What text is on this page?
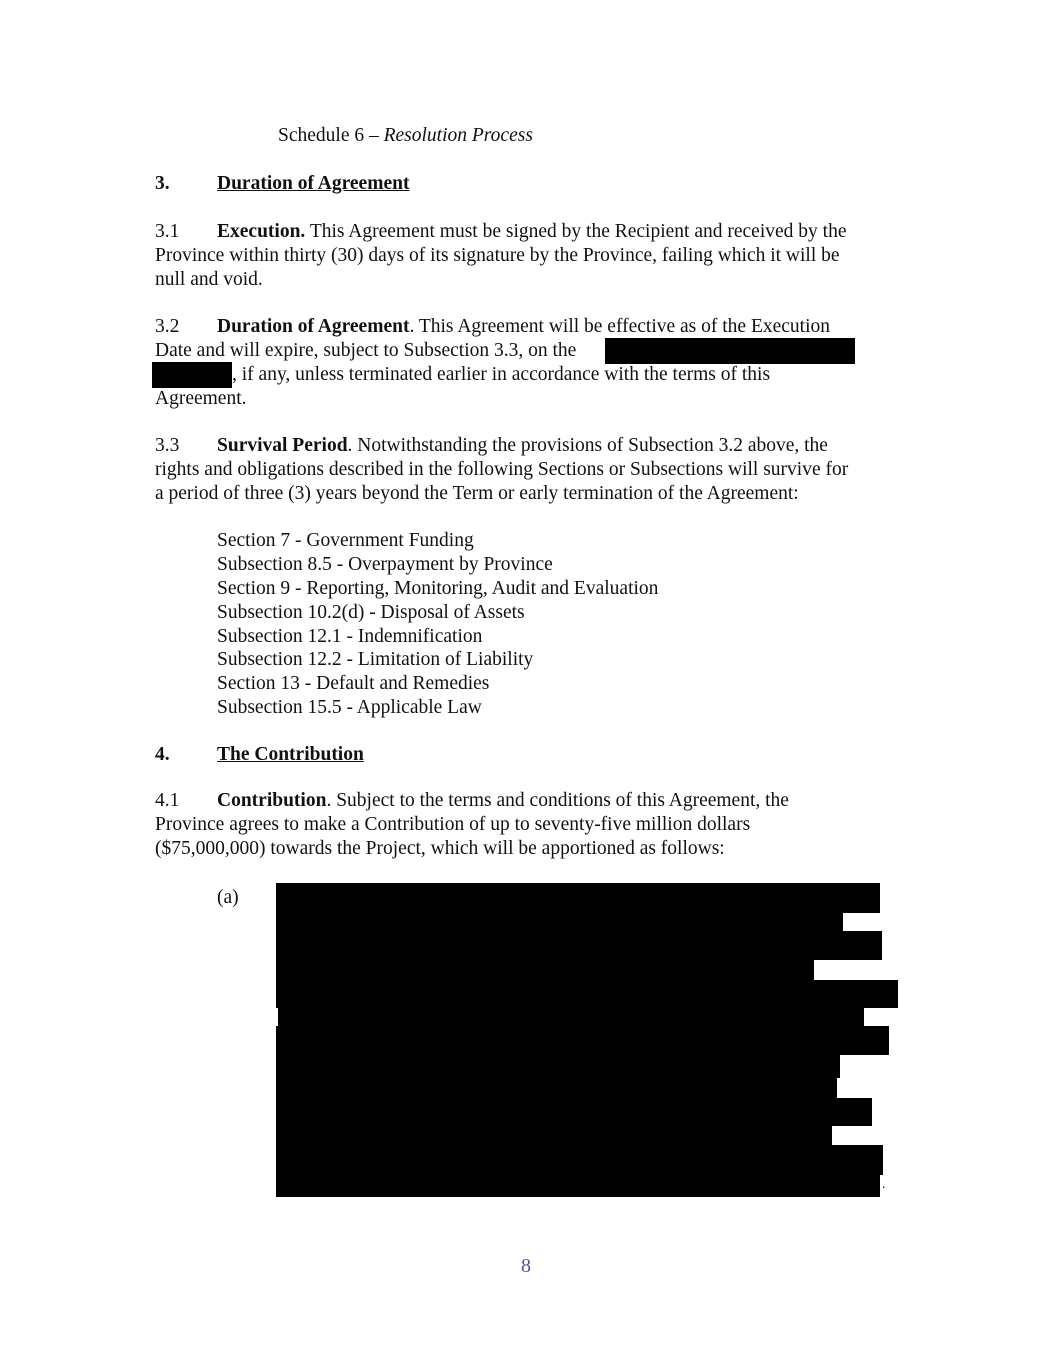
Schedule 6 – Resolution Process
3. Duration of Agreement
3.1 Execution. This Agreement must be signed by the Recipient and received by the
Province within thirty (30) days of its signature by the Province, failing which it will be
null and void.
3.2 Duration of Agreement. This Agreement will be effective as of the Execution
Date and will expire, subject to Subsection 3.3, on the
, if any, unless terminated earlier in accordance with the terms of this
Agreement.
3.3 Survival Period. Notwithstanding the provisions of Subsection 3.2 above, the
rights and obligations described in the following Sections or Subsections will survive for
a period of three (3) years beyond the Term or early termination of the Agreement:
Section 7 - Government Funding
Subsection 8.5 - Overpayment by Province
Section 9 - Reporting, Monitoring, Audit and Evaluation
Subsection 10.2(d) - Disposal of Assets
Subsection 12.1 - Indemnification
Subsection 12.2 - Limitation of Liability
Section 13 - Default and Remedies
Subsection 15.5 - Applicable Law
4. The Contribution
4.1 Contribution. Subject to the terms and conditions of this Agreement, the
Province agrees to make a Contribution of up to seventy-five million dollars
($75,000,000) towards the Project, which will be apportioned as follows:
(a)
.
8
